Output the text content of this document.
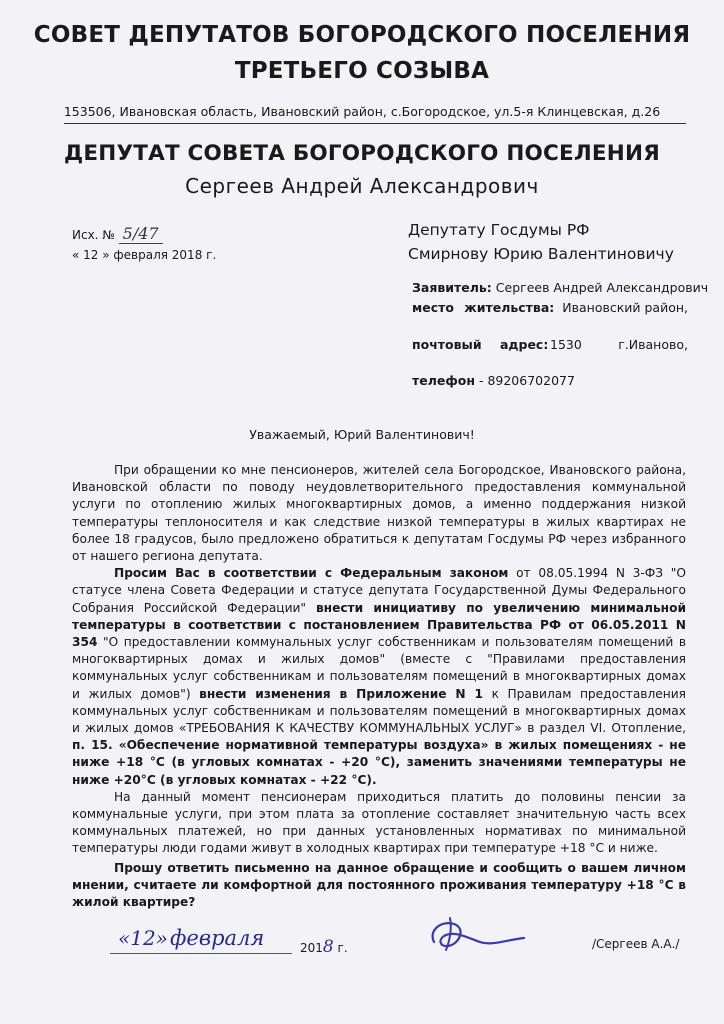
СОВЕТ ДЕПУТАТОВ БОГОРОДСКОГО ПОСЕЛЕНИЯ
ТРЕТЬЕГО СОЗЫВА
153506, Ивановская область, Ивановский район, с.Богородское, ул.5-я Клинцевская, д.26
ДЕПУТАТ СОВЕТА БОГОРОДСКОГО ПОСЕЛЕНИЯ
Сергеев Андрей Александрович
Исх. № 5/47
« 12 » февраля 2018 г.
Депутату Госдумы РФ
Смирнову Юрию Валентиновичу
Заявитель: Сергеев Андрей Александрович
место жительства: Ивановский район,
почтовый адрес: 1530	г.Иваново,
телефон - 89206702077
Уважаемый, Юрий Валентинович!

При обращении ко мне пенсионеров, жителей села Богородское, Ивановского района, Ивановской области по поводу неудовлетворительного предоставления коммунальной услуги по отоплению жилых многоквартирных домов, а именно поддержания низкой температуры теплоносителя и как следствие низкой температуры в жилых квартирах не более 18 градусов, было предложено обратиться к депутатам Госдумы РФ через избранного от нашего региона депутата.

Просим Вас в соответствии с Федеральным законом от 08.05.1994 N 3-ФЗ "О статусе члена Совета Федерации и статусе депутата Государственной Думы Федерального Собрания Российской Федерации" внести инициативу по увеличению минимальной температуры в соответствии с постановлением Правительства РФ от 06.05.2011 N 354 "О предоставлении коммунальных услуг собственникам и пользователям помещений в многоквартирных домах и жилых домов" (вместе с "Правилами предоставления коммунальных услуг собственникам и пользователям помещений в многоквартирных домах и жилых домов") внести изменения в Приложение N 1 к Правилам предоставления коммунальных услуг собственникам и пользователям помещений в многоквартирных домах и жилых домов «ТРЕБОВАНИЯ К КАЧЕСТВУ КОММУНАЛЬНЫХ УСЛУГ» в раздел VI. Отопление, п. 15. «Обеспечение нормативной температуры воздуха» в жилых помещениях - не ниже +18 °С (в угловых комнатах - +20 °С), заменить значениями температуры не ниже +20°С (в угловых комнатах - +22 °С).

На данный момент пенсионерам приходиться платить до половины пенсии за коммунальные услуги, при этом плата за отопление составляет значительную часть всех коммунальных платежей, но при данных установленных нормативах по минимальной температуры люди годами живут в холодных квартирах при температуре +18 °С и ниже.

Прошу ответить письменно на данное обращение и сообщить о вашем личном мнении, считаете ли комфортной для постоянного проживания температуру +18 °С в жилой квартире?

«12» февраля	2018 г.	/Сергеев А.А./
